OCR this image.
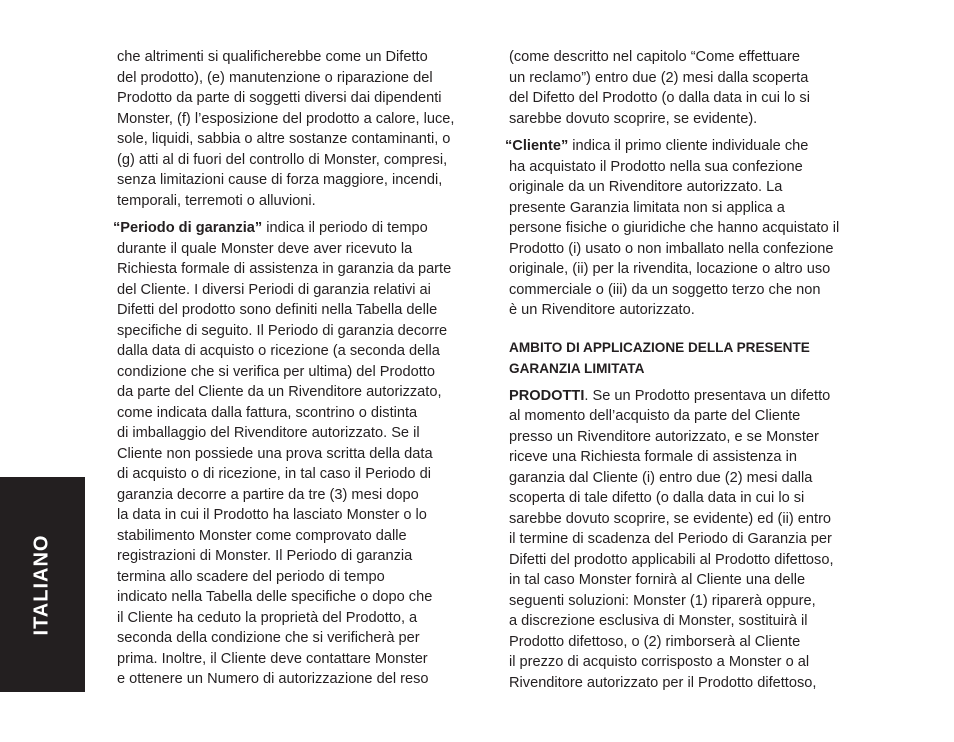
ITALIANO
che altrimenti si qualificherebbe come un Difetto
del prodotto), (e) manutenzione o riparazione del
Prodotto da parte di soggetti diversi dai dipendenti
Monster, (f) l’esposizione del prodotto a calore, luce,
sole, liquidi, sabbia o altre sostanze contaminanti, o
(g) atti al di fuori del controllo di Monster, compresi,
senza limitazioni cause di forza maggiore, incendi,
temporali, terremoti o alluvioni.
“Periodo di garanzia” indica il periodo di tempo
durante il quale Monster deve aver ricevuto la
Richiesta formale di assistenza in garanzia da parte
del Cliente. I diversi Periodi di garanzia relativi ai
Difetti del prodotto sono definiti nella Tabella delle
specifiche di seguito. Il Periodo di garanzia decorre
dalla data di acquisto o ricezione (a seconda della
condizione che si verifica per ultima) del Prodotto
da parte del Cliente da un Rivenditore autorizzato,
come indicata dalla fattura, scontrino o distinta
di imballaggio del Rivenditore autorizzato. Se il
Cliente non possiede una prova scritta della data
di acquisto o di ricezione, in tal caso il Periodo di
garanzia decorre a partire da tre (3) mesi dopo
la data in cui il Prodotto ha lasciato Monster o lo
stabilimento Monster come comprovato dalle
registrazioni di Monster. Il Periodo di garanzia
termina allo scadere del periodo di tempo
indicato nella Tabella delle specifiche o dopo che
il Cliente ha ceduto la proprietà del Prodotto, a
seconda della condizione che si verificherà per
prima. Inoltre, il Cliente deve contattare Monster
e ottenere un Numero di autorizzazione del reso
(come descritto nel capitolo “Come effettuare
un reclamo”) entro due (2) mesi dalla scoperta
del Difetto del Prodotto (o dalla data in cui lo si
sarebbe dovuto scoprire, se evidente).
“Cliente” indica il primo cliente individuale che
ha acquistato il Prodotto nella sua confezione
originale da un Rivenditore autorizzato. La
presente Garanzia limitata non si applica a
persone fisiche o giuridiche che hanno acquistato il
Prodotto (i) usato o non imballato nella confezione
originale, (ii) per la rivendita, locazione o altro uso
commerciale o (iii) da un soggetto terzo che non
è un Rivenditore autorizzato.
AMBITO DI APPLICAZIONE DELLA PRESENTE
GARANZIA LIMITATA
PRODOTTI. Se un Prodotto presentava un difetto
al momento dell’acquisto da parte del Cliente
presso un Rivenditore autorizzato, e se Monster
riceve una Richiesta formale di assistenza in
garanzia dal Cliente (i) entro due (2) mesi dalla
scoperta di tale difetto (o dalla data in cui lo si
sarebbe dovuto scoprire, se evidente) ed (ii) entro
il termine di scadenza del Periodo di Garanzia per
Difetti del prodotto applicabili al Prodotto difettoso,
in tal caso Monster fornirà al Cliente una delle
seguenti soluzioni: Monster (1) riparerà oppure,
a discrezione esclusiva di Monster, sostituirà il
Prodotto difettoso, o (2) rimborserà al Cliente
il prezzo di acquisto corrisposto a Monster o al
Rivenditore autorizzato per il Prodotto difettoso,
